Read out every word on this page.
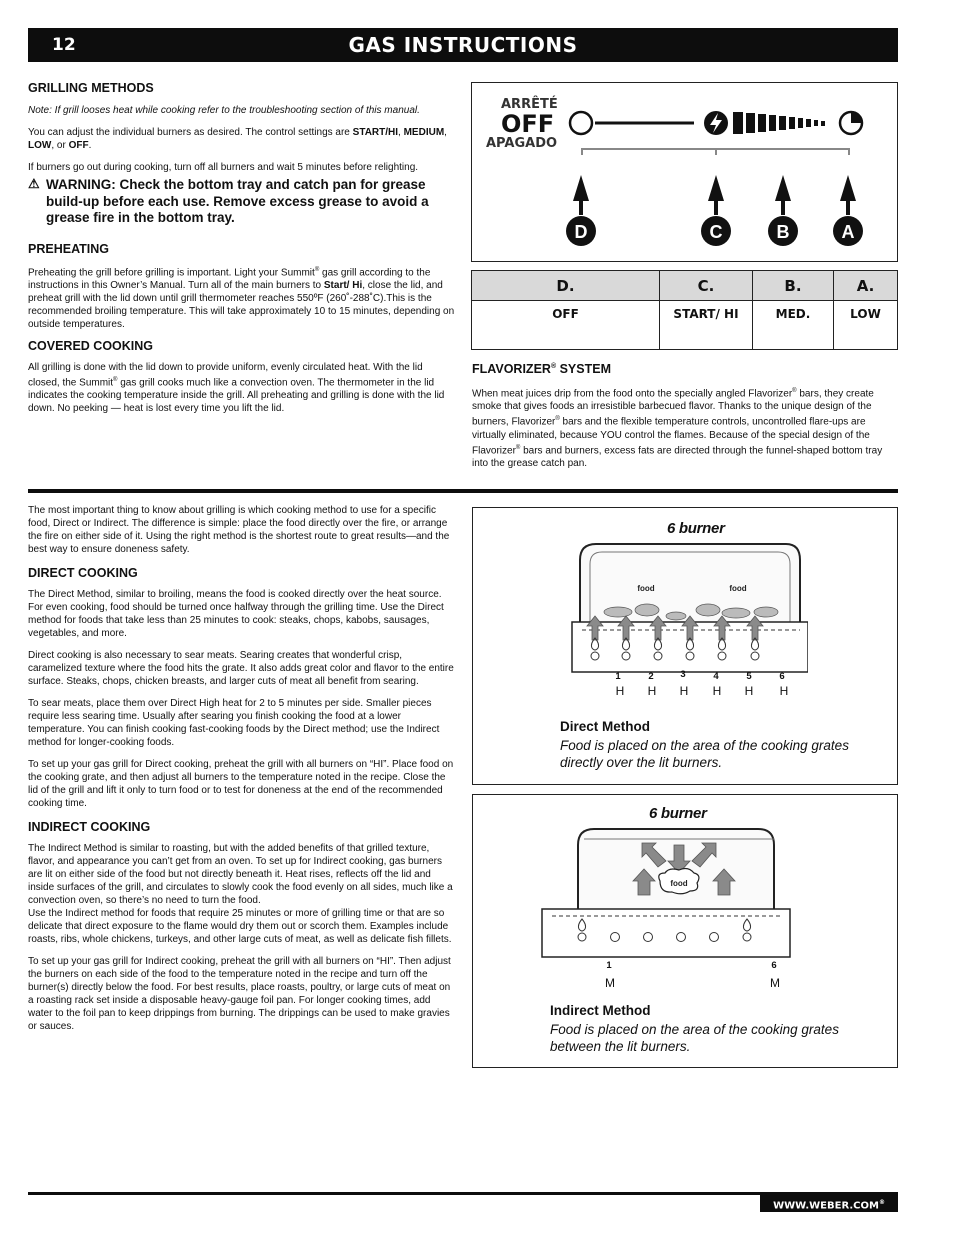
12	GAS INSTRUCTIONS
GRILLING METHODS

Note: If grill looses heat while cooking refer to the troubleshooting section of this manual.

You can adjust the individual burners as desired. The control settings are START/HI, MEDIUM, LOW, or OFF.

If burners go out during cooking, turn off all burners and wait 5 minutes before relighting.

⚠ WARNING: Check the bottom tray and catch pan for grease build-up before each use. Remove excess grease to avoid a grease fire in the bottom tray.
PREHEATING

Preheating the grill before grilling is important. Light your Summit® gas grill according to the instructions in this Owner’s Manual. Turn all of the main burners to Start/ Hi, close the lid, and preheat grill with the lid down until grill thermometer reaches 550ºF (260˚-288˚C).This is the recommended broiling temperature. This will take approximately 10 to 15 minutes, depending on outside temperatures.

COVERED COOKING

All grilling is done with the lid down to provide uniform, evenly circulated heat. With the lid closed, the Summit® gas grill cooks much like a convection oven. The thermometer in the lid indicates the cooking temperature inside the grill. All preheating and grilling is done with the lid down. No peeking — heat is lost every time you lift the lid.

ARRÊTÉ
OFF
APAGADO
D	C	B	A
D.	C.	B.	A.
OFF	START/ HI	MED.	LOW
FLAVORIZER® SYSTEM

When meat juices drip from the food onto the specially angled Flavorizer® bars, they create smoke that gives foods an irresistible barbecued flavor. Thanks to the unique design of the burners, Flavorizer® bars and the flexible temperature controls, uncontrolled flare-ups are virtually eliminated, because YOU control the flames. Because of the special design of the Flavorizer® bars and burners, excess fats are directed through the funnel-shaped bottom tray into the grease catch pan.

The most important thing to know about grilling is which cooking method to use for a specific food, Direct or Indirect. The difference is simple: place the food directly over the fire, or arrange the fire on either side of it. Using the right method is the shortest route to great results—and the best way to ensure doneness safety.

DIRECT COOKING

The Direct Method, similar to broiling, means the food is cooked directly over the heat source. For even cooking, food should be turned once halfway through the grilling time. Use the Direct method for foods that take less than 25 minutes to cook: steaks, chops, kabobs, sausages, vegetables, and more.

Direct cooking is also necessary to sear meats. Searing creates that wonderful crisp, caramelized texture where the food hits the grate. It also adds great color and flavor to the entire surface. Steaks, chops, chicken breasts, and larger cuts of meat all benefit from searing.

To sear meats, place them over Direct High heat for 2 to 5 minutes per side. Smaller pieces require less searing time. Usually after searing you finish cooking the food at a lower temperature. You can finish cooking fast-cooking foods by the Direct method; use the Indirect method for longer-cooking foods.

To set up your gas grill for Direct cooking, preheat the grill with all burners on “HI”. Place food on the cooking grate, and then adjust all burners to the temperature noted in the recipe. Close the lid of the grill and lift it only to turn food or to test for doneness at the end of the recommended cooking time.

INDIRECT COOKING

The Indirect Method is similar to roasting, but with the added benefits of that grilled texture, flavor, and appearance you can’t get from an oven. To set up for Indirect cooking, gas burners are lit on either side of the food but not directly beneath it. Heat rises, reflects off the lid and inside surfaces of the grill, and circulates to slowly cook the food evenly on all sides, much like a convection oven, so there’s no need to turn the food.

Use the Indirect method for foods that require 25 minutes or more of grilling time or that are so delicate that direct exposure to the flame would dry them out or scorch them. Examples include roasts, ribs, whole chickens, turkeys, and other large cuts of meat, as well as delicate fish fillets.

To set up your gas grill for Indirect cooking, preheat the grill with all burners on “HI”. Then adjust the burners on each side of the food to the temperature noted in the recipe and turn off the burner(s) directly below the food. For best results, place roasts, poultry, or large cuts of meat on a roasting rack set inside a disposable heavy-gauge foil pan. For longer cooking times, add water to the foil pan to keep drippings from burning. The drippings can be used to make gravies or sauces.

6 burner
food	food
1	2	3	4	5	6
H	H	H	H	H	H
Direct Method
Food is placed on the area of the cooking grates directly over the lit burners.
6 burner
food
1	6
M	M
Indirect Method
Food is placed on the area of the cooking grates between the lit burners.
WWW.WEBER.COM®
